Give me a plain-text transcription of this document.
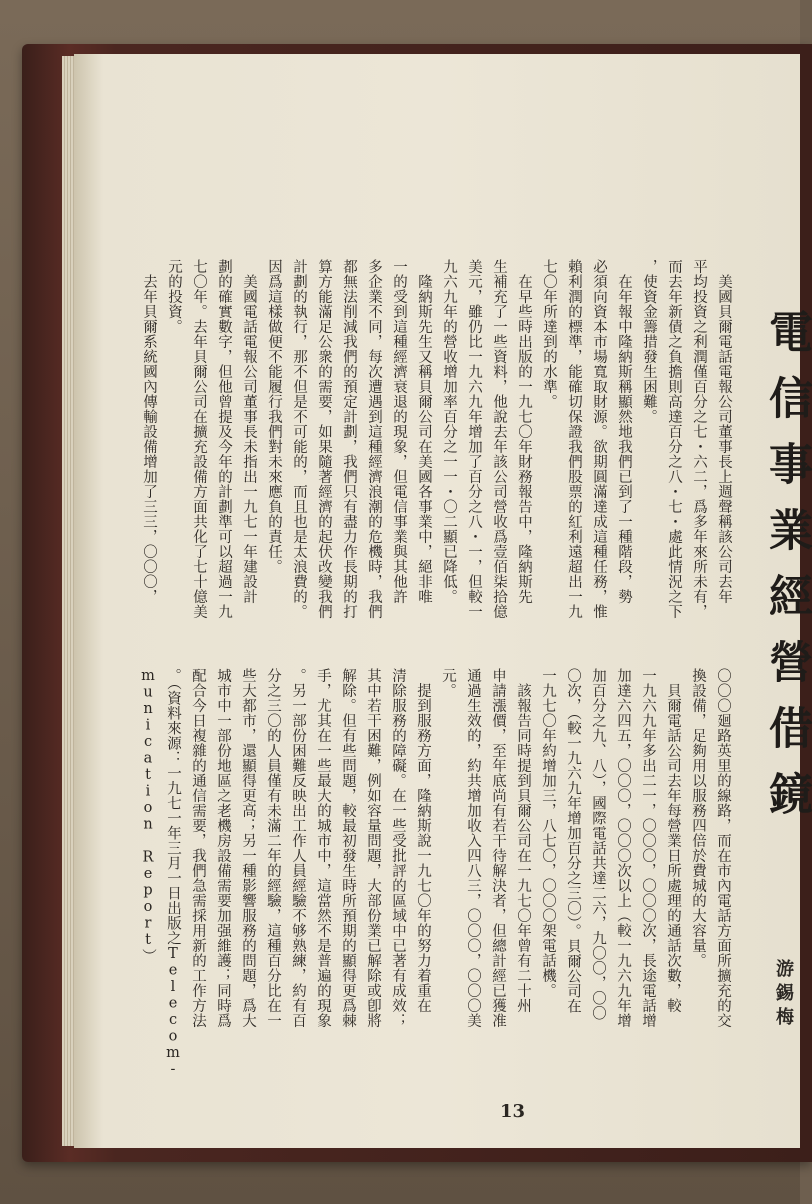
電信事業經營借鏡
游錫梅
　美國貝爾電話電報公司董事長上週聲稱該公司去年
平均投資之利潤僅百分之七・六二，爲多年來所未有，
而去年新債之負擔則高達百分之八・七・處此情況之下
，使資金籌措發生困難。
　在年報中隆納斯稱顯然地我們已到了一種階段，勢
必須向資本市場寬取財源。欲期圓滿達成這種任務，惟
賴利潤的標準，能確切保證我們股票的紅利遠超出一九
七〇年所達到的水準。
　在早些時出版的一九七〇年財務報告中，隆納斯先
生補充了一些資料，他說去年該公司營收爲壹佰柒拾億
美元，雖仍比一九六九年增加了百分之八・一，但較一
九六九年的營收增加率百分之一一・〇二顯已降低。
　隆納斯先生又稱貝爾公司在美國各事業中，絕非唯
一的受到這種經濟衰退的現象，但電信事業與其他許
多企業不同，每次遭遇到這種經濟浪潮的危機時，我們
都無法削減我們的預定計劃，我們只有盡力作長期的打
算方能滿足公衆的需要，如果隨著經濟的起伏改變我們
計劃的執行，那不但是不可能的，而且也是太浪費的。
因爲這樣做便不能履行我們對未來應負的責任。
　美國電話電報公司董事長未指出一九七一年建設計
劃的確實數字，但他曾提及今年的計劃準可以超過一九
七〇年。去年貝爾公司在擴充設備方面共化了七十億美
元的投資。
　去年貝爾系統國內傳輸設備增加了三三，〇〇〇，
〇〇〇廻路英里的線路，而在市內電話方面所擴充的交
換設備，足夠用以服務四倍於費城的大容量。
　貝爾電話公司去年每營業日所處理的通話次數，較
一九六九年多出二一，〇〇〇，〇〇〇次，長途電話增
加達六四五，〇〇〇，〇〇〇次以上（較一九六九年增
加百分之九、八），國際電話共達二六，九〇〇，〇〇
〇次，（較一九六九年增加百分之三〇）。貝爾公司在
一九七〇年約增加三，八七〇，〇〇〇架電話機。
　該報告同時提到貝爾公司在一九七〇年曾有二十州
申請漲價，至年底尚有若干待解決者，但總計經已獲准
通過生效的，約共增加收入四八三，〇〇〇，〇〇〇美
元。
　提到服務方面，隆納斯說一九七〇年的努力着重在
清除服務的障礙。在一些受批評的區域中已著有成效；
其中若干困難，例如容量問題，大部份業已解除或卽將
解除。但有些問題，較最初發生時所預期的顯得更爲棘
手，尤其在一些最大的城市中，這當然不是普遍的現象
。另一部份困難反映出工作人員經驗不够熟練，約有百
分之三〇的人員僅有未滿二年的經驗，這種百分比在一
些大都市，還顯得更高；另一種影響服務的問題，爲大
城市中一部份地區之老機房設備需要加强維護；同時爲
配合今日複雜的通信需要，我們急需採用新的工作方法
。（資料來源：一九七一年三月一日出版之Telecom-
munication Report）
13
